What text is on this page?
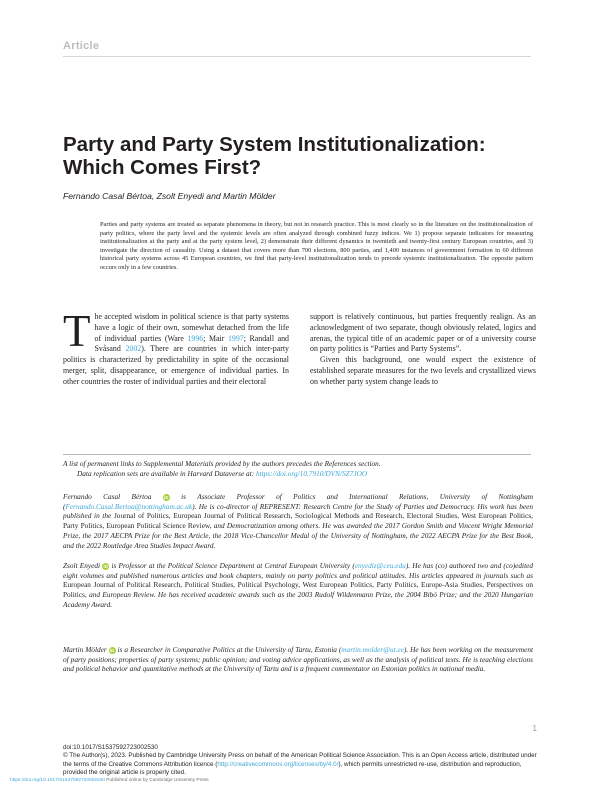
Article
Party and Party System Institutionalization: Which Comes First?
Fernando Casal Bértoa, Zsolt Enyedi and Martin Mölder

Parties and party systems are treated as separate phenomena in theory, but not in research practice. This is most clearly so in the literature on the institutionalization of party politics, where the party level and the systemic levels are often analyzed through combined fuzzy indices. We 1) propose separate indicators for measuring institutionalization at the party and at the party system level, 2) demonstrate their different dynamics in twentieth and twenty-first century European countries, and 3) investigate the direction of causality. Using a dataset that covers more than 700 elections, 800 parties, and 1,400 instances of government formation in 60 different historical party systems across 45 European countries, we find that party-level institutionalization tends to precede systemic institutionalization. The opposite pattern occurs only in a few countries.

The accepted wisdom in political science is that party systems have a logic of their own, somewhat detached from the life of individual parties (Ware 1996; Mair 1997; Randall and Svåsand 2002). There are countries in which inter-party politics is characterized by predictability in spite of the occasional merger, split, disappearance, or emergence of individual parties. In other countries the roster of individual parties and their electoral

support is relatively continuous, but parties frequently realign. As an acknowledgment of two separate, though obviously related, logics and arenas, the typical title of an academic paper or of a university course on party politics is “Parties and Party Systems”.

Given this background, one would expect the existence of established separate measures for the two levels and crystallized views on whether party system change leads to

A list of permanent links to Supplemental Materials provided by the authors precedes the References section.
Data replication sets are available in Harvard Dataverse at: https://doi.org/10.7910/DVN/SZ7JOO
Fernando Casal Bértoa	iD is Associate Professor of Politics and International Relations, University of Nottingham (Fernando.Casal.Bertoa@nottingham.ac.uk). He is co-director of REPRESENT: Research Centre for the Study of Parties and Democracy. His work has been published in the Journal of Politics, European Journal of Political Research, Sociological Methods and Research, Electoral Studies, West European Politics, Party Politics, European Political Science Review, and Democratization among others. He was awarded the 2017 Gordon Smith and Vincent Wright Memorial Prize, the 2017 AECPA Prize for the Best Article, the 2018 Vice-Chancellor Medal of the University of Nottingham, the 2022 AECPA Prize for the Best Book, and the 2022 Routledge Area Studies Impact Award.
Zsolt Enyedi iD is Professor at the Political Science Department at Central European University (enyediz@ceu.edu). He has (co) authored two and (co)edited eight volumes and published numerous articles and book chapters, mainly on party politics and political attitudes. His articles appeared in journals such as European Journal of Political Research, Political Studies, Political Psychology, West European Politics, Party Politics, Europe-Asia Studies, Perspectives on Politics, and European Review. He has received academic awards such as the 2003 Rudolf Wildenmann Prize, the 2004 Bibó Prize; and the 2020 Hungarian Academy Award.
Martin Mölder iD is a Researcher in Comparative Politics at the University of Tartu, Estonia (martin.molder@ut.ee). He has been working on the measurement of party positions; properties of party systems; public opinion; and voting advice applications, as well as the analysis of political texts. He is teaching elections and political behavior and quantitative methods at the University of Tartu and is a frequent commentator on Estonian politics in national media.
1
doi:10.1017/S1537592723002530
© The Author(s), 2023. Published by Cambridge University Press on behalf of the American Political Science Association. This is an Open Access article, distributed under the terms of the Creative Commons Attribution licence (http://creativecommons.org/licenses/by/4.0/), which permits unrestricted re-use, distribution and reproduction, provided the original article is properly cited.
https://doi.org/10.1017/S1537592723002530 Published online by Cambridge University Press
